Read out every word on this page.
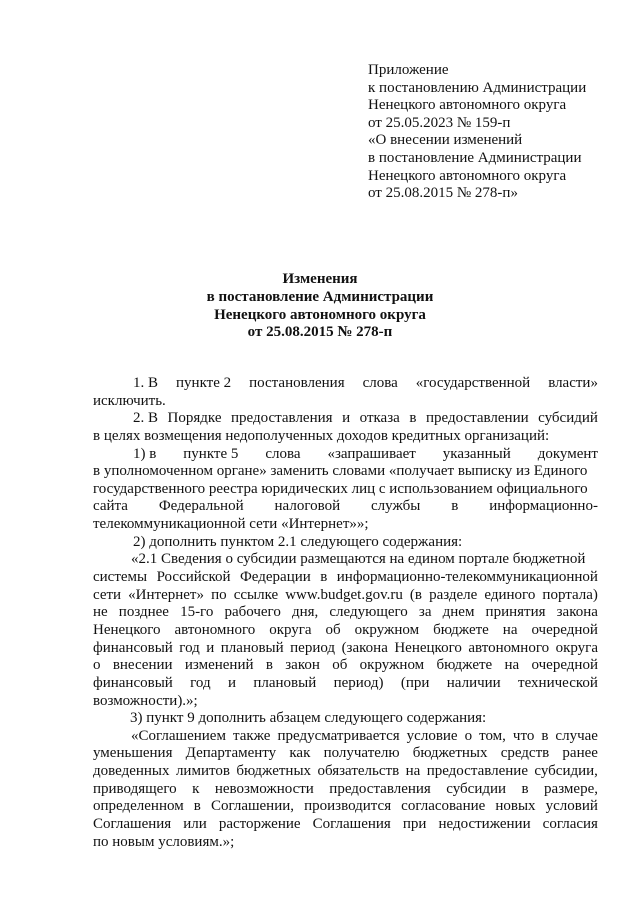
Приложение
к постановлению Администрации
Ненецкого автономного округа
от 25.05.2023 № 159-п
«О внесении изменений
в постановление Администрации
Ненецкого автономного округа
от 25.08.2015 № 278-п»
Изменения
в постановление Администрации
Ненецкого автономного округа
от 25.08.2015 № 278-п
1. В пункте 2 постановления слова «государственной власти»
исключить.
2. В Порядке предоставления и отказа в предоставлении субсидий
в целях возмещения недополученных доходов кредитных организаций:
1) в пункте 5 слова «запрашивает указанный документ
в уполномоченном органе» заменить словами «получает выписку из Единого
государственного реестра юридических лиц с использованием официального
сайта Федеральной налоговой службы в информационно-
телекоммуникационной сети «Интернет»»;
2) дополнить пунктом 2.1 следующего содержания:
«2.1 Сведения о субсидии размещаются на едином портале бюджетной
системы Российской Федерации в информационно-телекоммуникационной
сети «Интернет» по ссылке www.budget.gov.ru (в разделе единого портала)
не позднее 15-го рабочего дня, следующего за днем принятия закона
Ненецкого автономного округа об окружном бюджете на очередной
финансовый год и плановый период (закона Ненецкого автономного округа
о внесении изменений в закон об окружном бюджете на очередной
финансовый год и плановый период) (при наличии технической
возможности).»;
3) пункт 9 дополнить абзацем следующего содержания:
«Соглашением также предусматривается условие о том, что в случае
уменьшения Департаменту как получателю бюджетных средств ранее
доведенных лимитов бюджетных обязательств на предоставление субсидии,
приводящего к невозможности предоставления субсидии в размере,
определенном в Соглашении, производится согласование новых условий
Соглашения или расторжение Соглашения при недостижении согласия
по новым условиям.»;
